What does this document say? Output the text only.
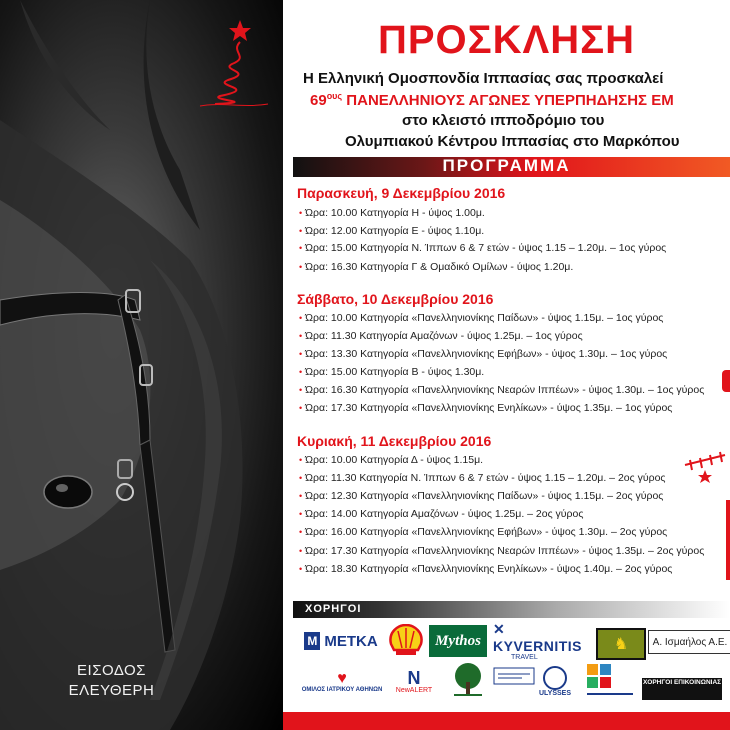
ΕΙΣΟΔΟΣ
ΕΛΕΥΘΕΡΗ
ΠΡΟΣΚΛΗΣΗ
Η Ελληνική Ομοσπονδία Ιππασίας σας προσκαλεί
$69^{o\upsilon\varsigma}$ ΠΑΝΕΛΛΗΝΙΟΥΣ ΑΓΩΝΕΣ ΥΠΕΡΠΗΔΗΣΗΣ ΕΜ
στο κλειστό ιπποδρόμιο του
Ολυμπιακού Κέντρου Ιππασίας στο Μαρκόπου
ΠΡΟΓΡΑΜΜΑ
Παρασκευή, 9 Δεκεμβρίου 2016
• Ώρα: 10.00 Κατηγορία Η - ύψος 1.00μ.
• Ώρα: 12.00 Κατηγορία Ε - ύψος 1.10μ.
• Ώρα: 15.00 Κατηγορία Ν. Ίππων 6 & 7 ετών - ύψος 1.15 – 1.20μ. – 1ος γύρος
• Ώρα: 16.30 Κατηγορία Γ & Ομαδικό Ομίλων - ύψος 1.20μ.
Σάββατο, 10 Δεκεμβρίου 2016
• Ώρα: 10.00 Κατηγορία «Πανελληνιονίκης Παίδων» - ύψος 1.15μ. – 1ος γύρος
• Ώρα: 11.30 Κατηγορία Αμαζόνων - ύψος 1.25μ. – 1ος γύρος
• Ώρα: 13.30 Κατηγορία «Πανελληνιονίκης Εφήβων» - ύψος 1.30μ. – 1ος γύρος
• Ώρα: 15.00 Κατηγορία Β - ύψος 1.30μ.
• Ώρα: 16.30 Κατηγορία «Πανελληνιονίκης Νεαρών Ιππέων» - ύψος 1.30μ. – 1ος γύρος
• Ώρα: 17.30 Κατηγορία «Πανελληνιονίκης Ενηλίκων» - ύψος 1.35μ. – 1ος γύρος
Κυριακή, 11 Δεκεμβρίου 2016
• Ώρα: 10.00 Κατηγορία Δ - ύψος 1.15μ.
• Ώρα: 11.30 Κατηγορία Ν. Ίππων 6 & 7 ετών - ύψος 1.15 – 1.20μ. – 2ος γύρος
• Ώρα: 12.30 Κατηγορία «Πανελληνιονίκης Παίδων» - ύψος 1.15μ. – 2ος γύρος
• Ώρα: 14.00 Κατηγορία Αμαζόνων - ύψος 1.25μ. – 2ος γύρος
• Ώρα: 16.00 Κατηγορία «Πανελληνιονίκης Εφήβων» - ύψος 1.30μ. – 2ος γύρος
• Ώρα: 17.30 Κατηγορία «Πανελληνιονίκης Νεαρών Ιππέων» - ύψος 1.35μ. – 2ος γύρος
• Ώρα: 18.30 Κατηγορία «Πανελληνιονίκης Ενηλίκων» - ύψος 1.40μ. – 2ος γύρος
ΧΟΡΗΓΟΙ
M METKA	Mythos
✕ KYVERNITIS
TRAVEL
♞	Α. Ισμαήλος Α.Ε.
♥
ΟΜΙΛΟΣ ΙΑΤΡΙΚΟΥ ΑΘΗΝΩΝ
N
NewALERT	ULYSSES
ΧΟΡΗΓΟΙ ΕΠΙΚΟΙΝΩΝΙΑΣ
